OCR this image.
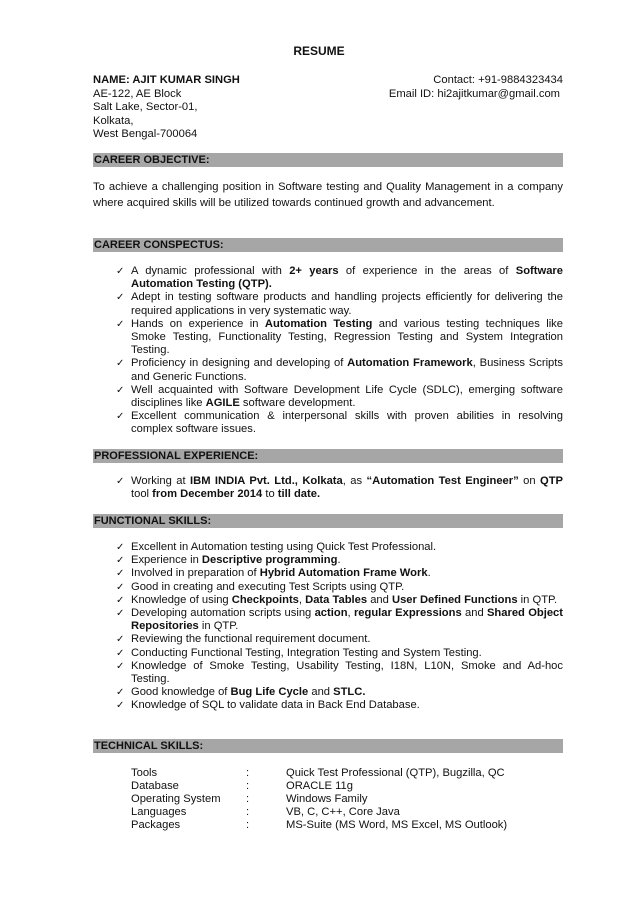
RESUME
NAME: AJIT KUMAR SINGH	Contact: +91-9884323434
AE-122, AE Block	Email ID: hi2ajitkumar@gmail.com
Salt Lake, Sector-01,
Kolkata,
West Bengal-700064
CAREER OBJECTIVE:
To achieve a challenging position in Software testing and Quality Management in a company where acquired skills will be utilized towards continued growth and advancement.
CAREER CONSPECTUS:
✓ A dynamic professional with 2+ years of experience in the areas of Software Automation Testing (QTP).
✓ Adept in testing software products and handling projects efficiently for delivering the required applications in very systematic way.
✓ Hands on experience in Automation Testing and various testing techniques like Smoke Testing, Functionality Testing, Regression Testing and System Integration Testing.
✓ Proficiency in designing and developing of Automation Framework, Business Scripts and Generic Functions.
✓ Well acquainted with Software Development Life Cycle (SDLC), emerging software disciplines like AGILE software development.
✓ Excellent communication & interpersonal skills with proven abilities in resolving complex software issues.
PROFESSIONAL EXPERIENCE:
✓ Working at IBM INDIA Pvt. Ltd., Kolkata, as “Automation Test Engineer” on QTP tool from December 2014 to till date.
FUNCTIONAL SKILLS:
✓ Excellent in Automation testing using Quick Test Professional.
✓ Experience in Descriptive programming.
✓ Involved in preparation of Hybrid Automation Frame Work.
✓ Good in creating and executing Test Scripts using QTP.
✓ Knowledge of using Checkpoints, Data Tables and User Defined Functions in QTP.
✓ Developing automation scripts using action, regular Expressions and Shared Object Repositories in QTP.
✓ Reviewing the functional requirement document.
✓ Conducting Functional Testing, Integration Testing and System Testing.
✓ Knowledge of Smoke Testing, Usability Testing, I18N, L10N, Smoke and Ad-hoc Testing.
✓ Good knowledge of Bug Life Cycle and STLC.
✓ Knowledge of SQL to validate data in Back End Database.
TECHNICAL SKILLS:
Tools	:	Quick Test Professional (QTP), Bugzilla, QC
Database	:	ORACLE 11g
Operating System	:	Windows Family
Languages	:	VB, C, C++, Core Java
Packages	:	MS-Suite (MS Word, MS Excel, MS Outlook)
